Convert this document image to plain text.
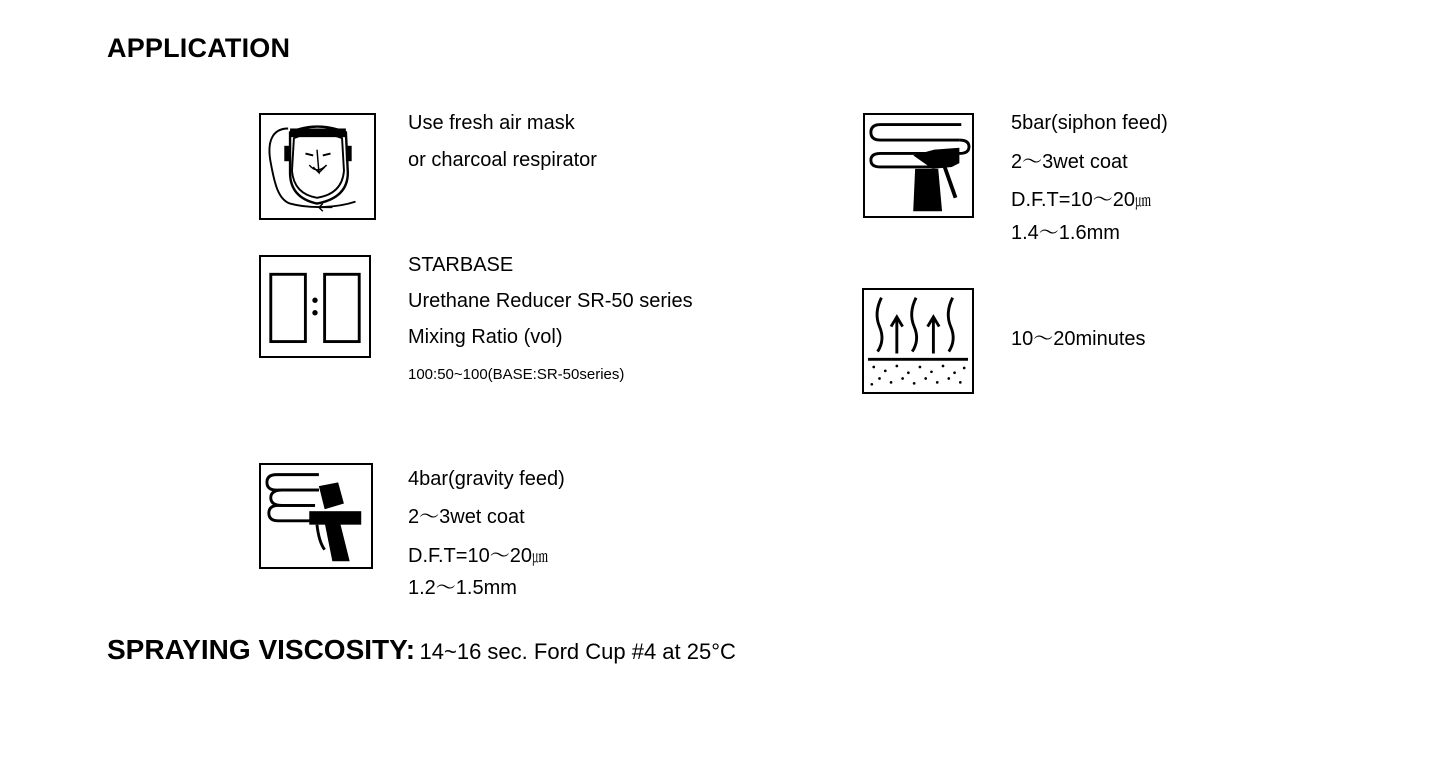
APPLICATION
Use fresh air mask
or charcoal respirator
STARBASE
Urethane Reducer SR-50 series
Mixing Ratio (vol)
100:50~100(BASE:SR-50series)
4bar(gravity feed)
2～3wet coat
D.F.T=10～20㎛
1.2～1.5mm
5bar(siphon feed)
2～3wet coat
D.F.T=10～20㎛
1.4～1.6mm
10～20minutes
SPRAYING VISCOSITY: 14~16 sec. Ford Cup #4 at 25°C
